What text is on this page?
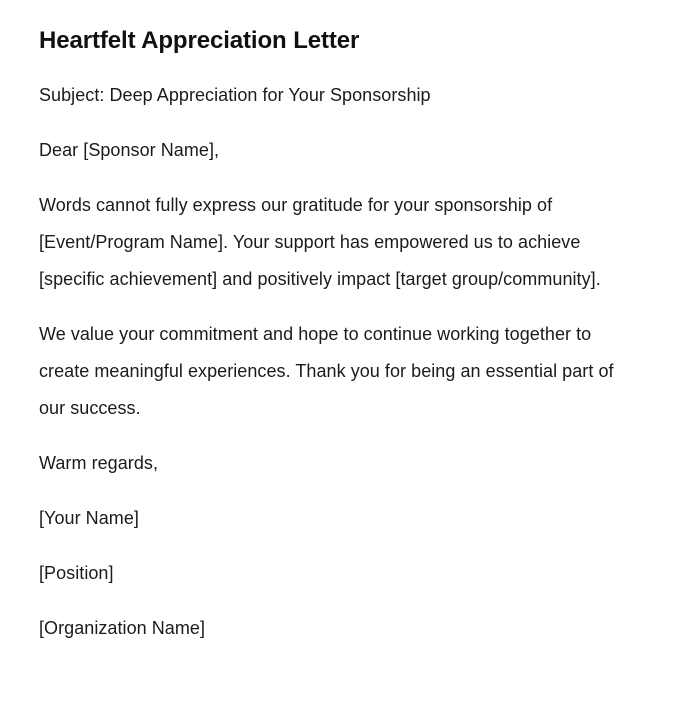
Heartfelt Appreciation Letter

Subject: Deep Appreciation for Your Sponsorship

Dear [Sponsor Name],

Words cannot fully express our gratitude for your sponsorship of [Event/Program Name]. Your support has empowered us to achieve [specific achievement] and positively impact [target group/community].

We value your commitment and hope to continue working together to create meaningful experiences. Thank you for being an essential part of our success.

Warm regards,

[Your Name]

[Position]

[Organization Name]
